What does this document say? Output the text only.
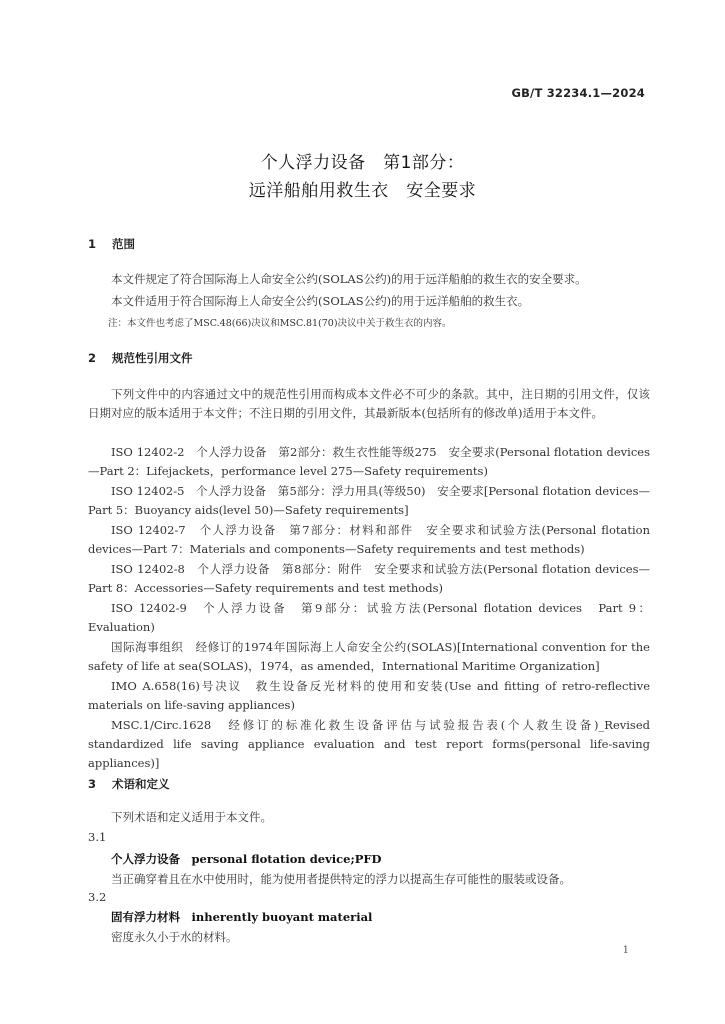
GB/T 32234.1—2024
个人浮力设备　第1部分：
远洋船舶用救生衣　安全要求
1 范围
本文件规定了符合国际海上人命安全公约(SOLAS公约)的用于远洋船舶的救生衣的安全要求。
本文件适用于符合国际海上人命安全公约(SOLAS公约)的用于远洋船舶的救生衣。
注：本文件也考虑了MSC.48(66)决议和MSC.81(70)决议中关于救生衣的内容。
2 规范性引用文件
下列文件中的内容通过文中的规范性引用而构成本文件必不可少的条款。其中，注日期的引用文件，仅该日期对应的版本适用于本文件；不注日期的引用文件，其最新版本(包括所有的修改单)适用于本文件。
ISO 12402-2　个人浮力设备　第2部分：救生衣性能等级275　安全要求(Personal flotation devices—Part 2：Lifejackets，performance level 275—Safety requirements)
ISO 12402-5　个人浮力设备　第5部分：浮力用具(等级50)　安全要求[Personal flotation devices—Part 5：Buoyancy aids(level 50)—Safety requirements]
ISO 12402-7　个人浮力设备　第7部分：材料和部件　安全要求和试验方法(Personal flotation devices—Part 7：Materials and components—Safety requirements and test methods)
ISO 12402-8　个人浮力设备　第8部分：附件　安全要求和试验方法(Personal flotation devices—Part 8：Accessories—Safety requirements and test methods)
ISO 12402-9　个人浮力设备　第9部分：试验方法(Personal flotation devices　Part 9：Evaluation)
国际海事组织　经修订的1974年国际海上人命安全公约(SOLAS)[International convention for the safety of life at sea(SOLAS)，1974，as amended，International Maritime Organization]
IMO A.658(16)号决议　救生设备反光材料的使用和安装(Use and fitting of retro-reflective materials on life-saving appliances)
MSC.1/Circ.1628　经修订的标准化救生设备评估与试验报告表(个人救生设备)_Revised standardized life saving appliance evaluation and test report forms(personal life-saving appliances)]
3 术语和定义
下列术语和定义适用于本文件。
3.1
个人浮力设备　personal flotation device;PFD
当正确穿着且在水中使用时，能为使用者提供特定的浮力以提高生存可能性的服装或设备。
3.2
固有浮力材料　inherently buoyant material
密度永久小于水的材料。
1
